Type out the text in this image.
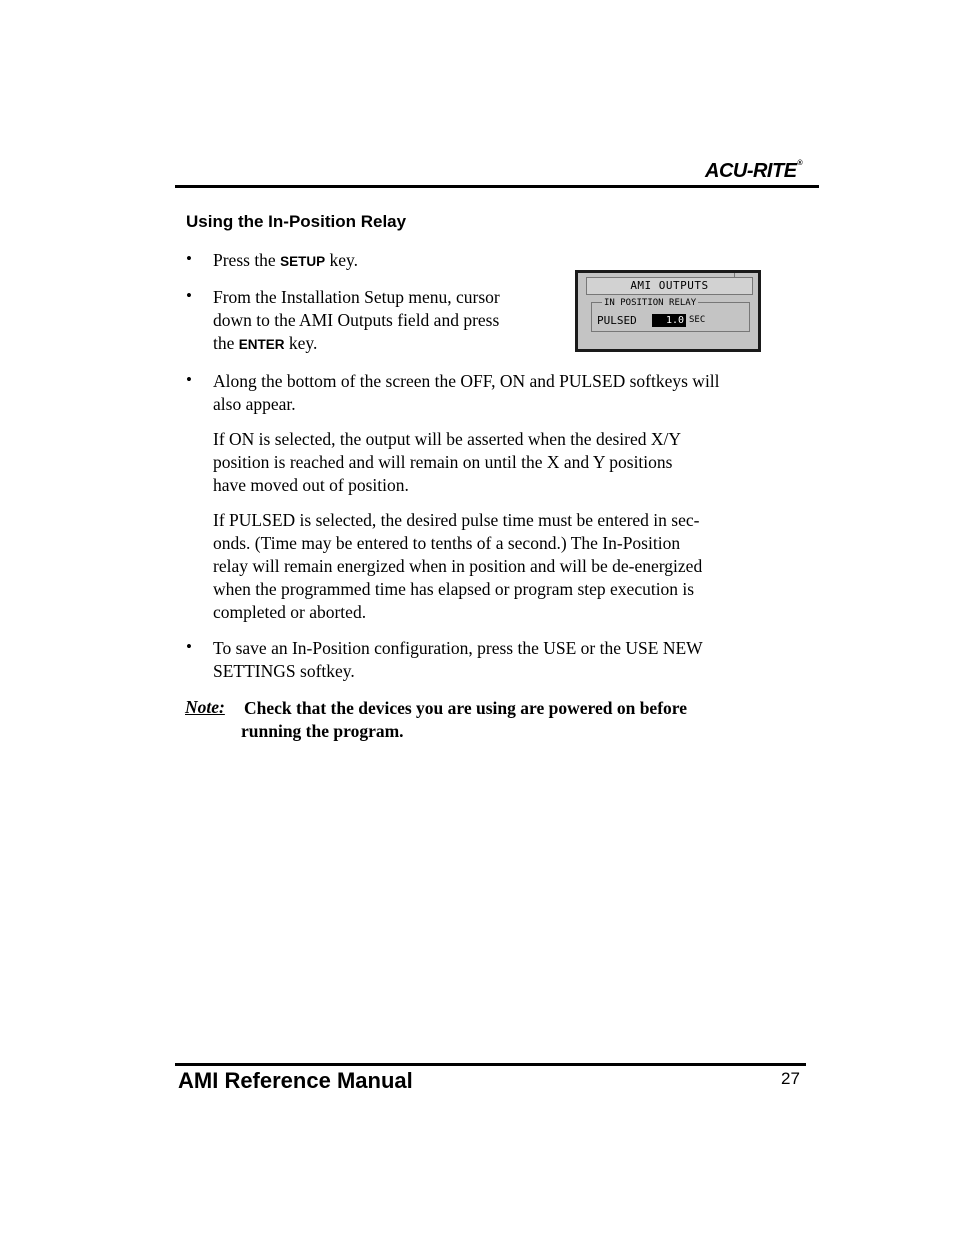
ACU-RITE®
Using the In-Position Relay
• Press the SETUP key.
• From the Installation Setup menu, cursor
down to the AMI Outputs field and press
the ENTER key.
AMI OUTPUTS
IN POSITION RELAY
PULSED	1.0 SEC
• Along the bottom of the screen the OFF, ON and PULSED softkeys will
also appear.
If ON is selected, the output will be asserted when the desired X/Y
position is reached and will remain on until the X and Y positions
have moved out of position.
If PULSED is selected, the desired pulse time must be entered in sec-
onds. (Time may be entered to tenths of a second.) The In-Position
relay will remain energized when in position and will be de-energized
when the programmed time has elapsed or program step execution is
completed or aborted.
• To save an In-Position configuration, press the USE or the USE NEW
SETTINGS softkey.
Note: Check that the devices you are using are powered on before
running the program.
AMI Reference Manual	27
